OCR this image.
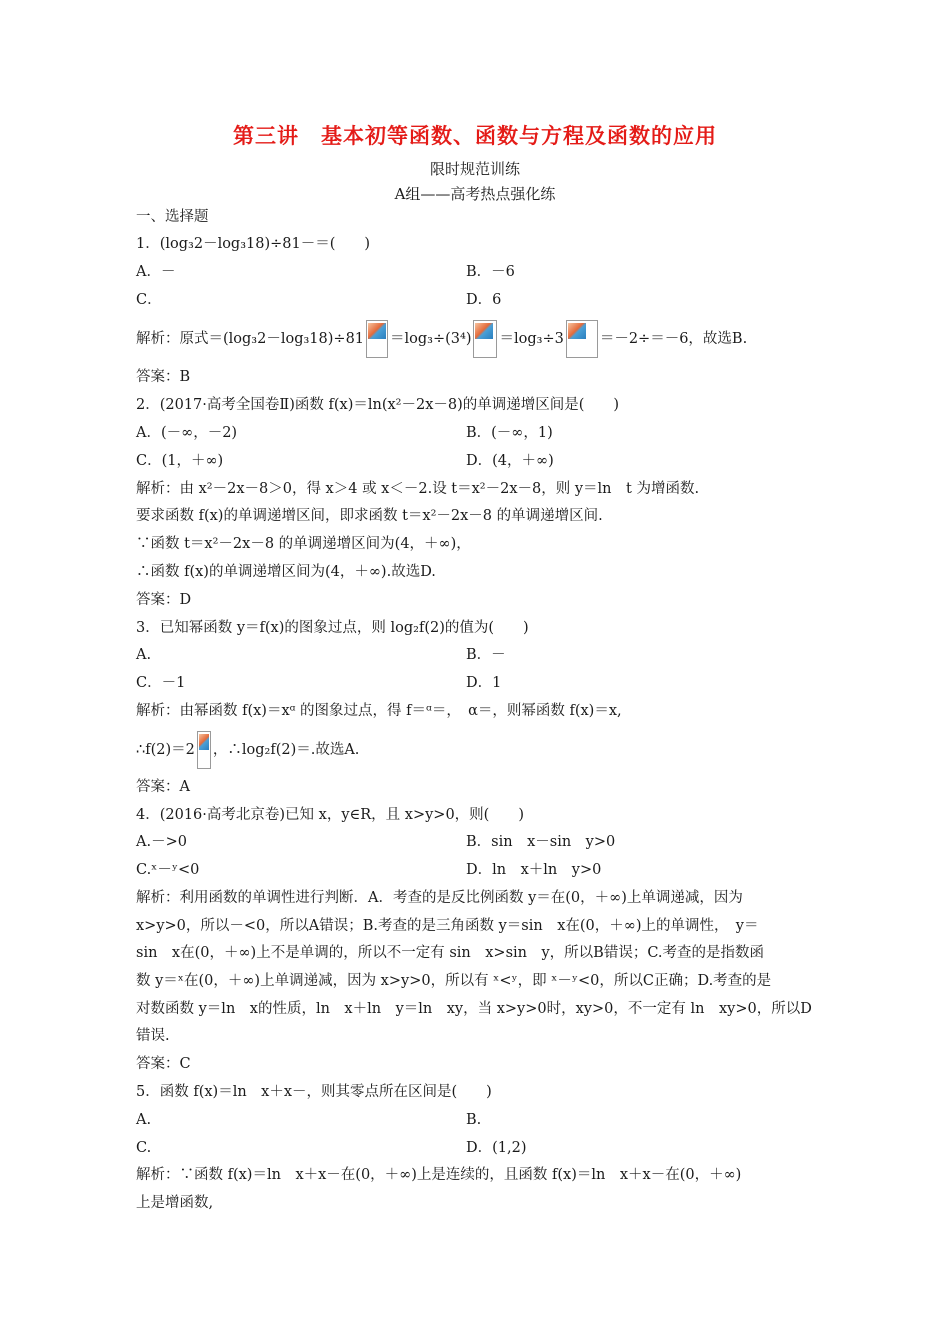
第三讲　基本初等函数、函数与方程及函数的应用
限时规范训练
A组——高考热点强化练
一、选择题
1．(log₃2－log₃18)÷81－＝(　　)
A．－	B．－6
C．	D．6
解析：原式＝(log₃2－log₃18)÷81 ＝log₃÷(3⁴) ＝log₃÷3 ＝－2÷＝－6，故选B.
答案：B
2．(2017·高考全国卷Ⅱ)函数 f(x)＝ln(x²－2x－8)的单调递增区间是(　　)
A．(－∞，－2)	B．(－∞，1)
C．(1，＋∞)	D．(4，＋∞)
解析：由 x²－2x－8＞0，得 x＞4 或 x＜－2.设 t＝x²－2x－8，则 y＝ln　t 为增函数.
要求函数 f(x)的单调递增区间，即求函数 t＝x²－2x－8 的单调递增区间.
∵函数 t＝x²－2x－8 的单调递增区间为(4，＋∞)，
∴函数 f(x)的单调递增区间为(4，＋∞).故选D.
答案：D
3．已知幂函数 y＝f(x)的图象过点，则 log₂f(2)的值为(　　)
A.	B．－
C．－1	D．1
解析：由幂函数 f(x)＝xᵅ 的图象过点，得 f＝ᵅ＝，　α＝，则幂函数 f(x)＝x,
∴f(2)＝2 ，∴log₂f(2)＝.故选A.
答案：A
4．(2016·高考北京卷)已知 x，y∈R，且 x>y>0，则(　　)
A.－>0	B．sin　x－sin　y>0
C.ˣ－ʸ<0	D．ln　x＋ln　y>0
解析：利用函数的单调性进行判断．A．考查的是反比例函数 y＝在(0，＋∞)上单调递减，因为
x>y>0，所以－<0，所以A错误；B.考查的是三角函数 y＝sin　x在(0，＋∞)上的单调性，　y＝
sin　x在(0，＋∞)上不是单调的，所以不一定有 sin　x>sin　y，所以B错误；C.考查的是指数函
数 y＝ˣ在(0，＋∞)上单调递减，因为 x>y>0，所以有 ˣ<ʸ，即 ˣ－ʸ<0，所以C正确；D.考查的是
对数函数 y＝ln　x的性质，ln　x＋ln　y＝ln　xy，当 x>y>0时，xy>0，不一定有 ln　xy>0，所以D
错误.
答案：C
5．函数 f(x)＝ln　x＋x－，则其零点所在区间是(　　)
A.	B.
C.	D．(1,2)
解析：∵函数 f(x)＝ln　x＋x－在(0，＋∞)上是连续的，且函数 f(x)＝ln　x＋x－在(0，＋∞)
上是增函数,
